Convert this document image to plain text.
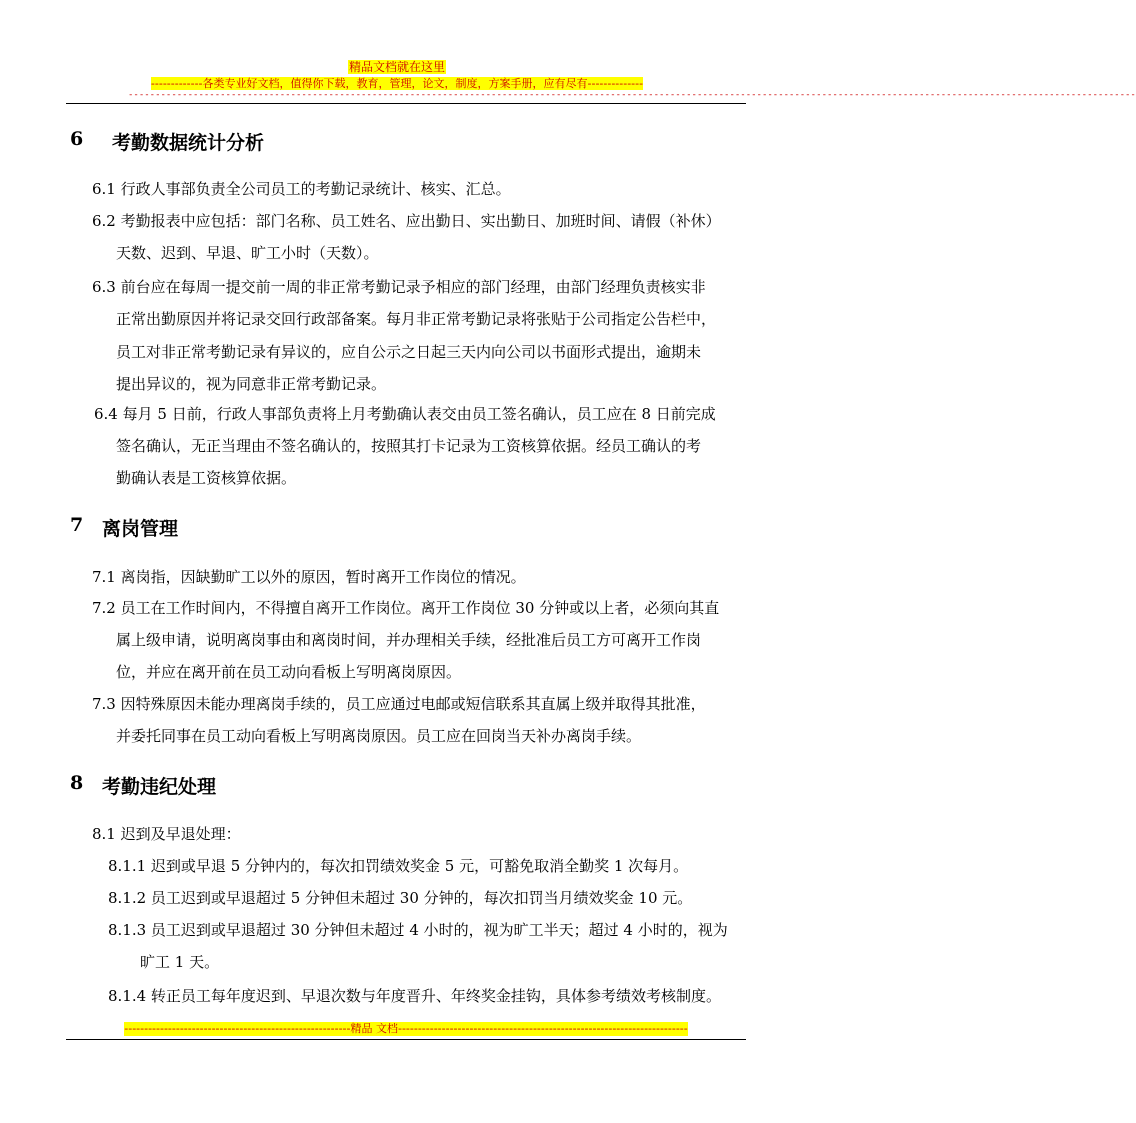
精品文档就在这里
-------------各类专业好文档，值得你下载，教育，管理，论文，制度，方案手册，应有尽有--------------
------------------------------------------------------------------------------------------------------------------------------------------------------------------------------------------
6 考勤数据统计分析
6.1 行政人事部负责全公司员工的考勤记录统计、核实、汇总。
6.2 考勤报表中应包括：部门名称、员工姓名、应出勤日、实出勤日、加班时间、请假（补休）
天数、迟到、早退、旷工小时（天数）。
6.3 前台应在每周一提交前一周的非正常考勤记录予相应的部门经理，由部门经理负责核实非
正常出勤原因并将记录交回行政部备案。每月非正常考勤记录将张贴于公司指定公告栏中，
员工对非正常考勤记录有异议的，应自公示之日起三天内向公司以书面形式提出，逾期未
提出异议的，视为同意非正常考勤记录。
6.4 每月 5 日前，行政人事部负责将上月考勤确认表交由员工签名确认，员工应在 8 日前完成
签名确认，无正当理由不签名确认的，按照其打卡记录为工资核算依据。经员工确认的考
勤确认表是工资核算依据。
7 离岗管理
7.1 离岗指，因缺勤旷工以外的原因，暂时离开工作岗位的情况。
7.2 员工在工作时间内，不得擅自离开工作岗位。离开工作岗位 30 分钟或以上者，必须向其直
属上级申请，说明离岗事由和离岗时间，并办理相关手续，经批准后员工方可离开工作岗
位，并应在离开前在员工动向看板上写明离岗原因。
7.3 因特殊原因未能办理离岗手续的，员工应通过电邮或短信联系其直属上级并取得其批准，
并委托同事在员工动向看板上写明离岗原因。员工应在回岗当天补办离岗手续。
8 考勤违纪处理
8.1 迟到及早退处理：
8.1.1 迟到或早退 5 分钟内的，每次扣罚绩效奖金 5 元，可豁免取消全勤奖 1 次每月。
8.1.2 员工迟到或早退超过 5 分钟但未超过 30 分钟的，每次扣罚当月绩效奖金 10 元。
8.1.3 员工迟到或早退超过 30 分钟但未超过 4 小时的，视为旷工半天；超过 4 小时的，视为
旷工 1 天。
8.1.4 转正员工每年度迟到、早退次数与年度晋升、年终奖金挂钩，具体参考绩效考核制度。
---------------------------------------------------------精品 文档-------------------------------------------------------------------------
